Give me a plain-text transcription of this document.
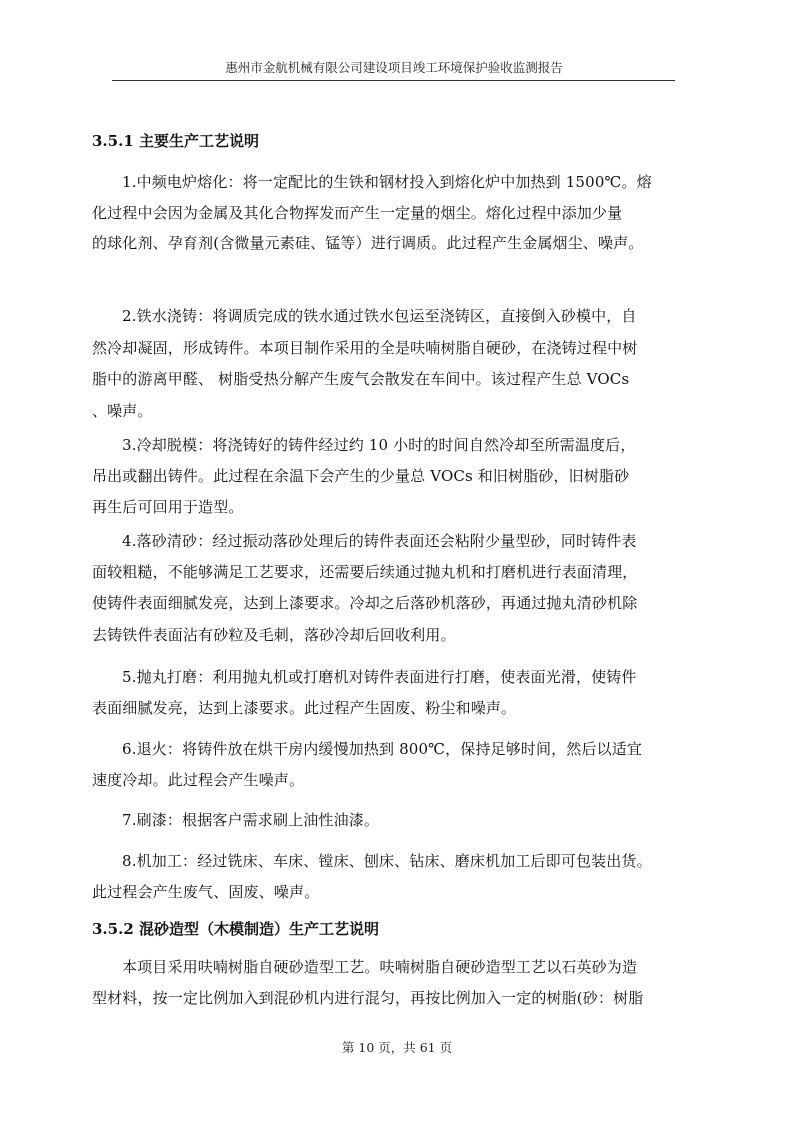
惠州市金航机械有限公司建设项目竣工环境保护验收监测报告
3.5.1 主要生产工艺说明
1.中频电炉熔化：将一定配比的生铁和钢材投入到熔化炉中加热到 1500℃。熔
化过程中会因为金属及其化合物挥发而产生一定量的烟尘。熔化过程中添加少量
的球化剂、孕育剂(含微量元素硅、锰等）进行调质。此过程产生金属烟尘、噪声。
2.铁水浇铸：将调质完成的铁水通过铁水包运至浇铸区，直接倒入砂模中，自
然冷却凝固，形成铸件。本项目制作采用的全是呋喃树脂自硬砂，在浇铸过程中树
脂中的游离甲醛、 树脂受热分解产生废气会散发在车间中。该过程产生总 VOCs
、噪声。
3.冷却脱模：将浇铸好的铸件经过约 10 小时的时间自然冷却至所需温度后，
吊出或翻出铸件。此过程在余温下会产生的少量总 VOCs 和旧树脂砂，旧树脂砂
再生后可回用于造型。
4.落砂清砂：经过振动落砂处理后的铸件表面还会粘附少量型砂，同时铸件表
面较粗糙，不能够满足工艺要求，还需要后续通过抛丸机和打磨机进行表面清理，
使铸件表面细腻发亮，达到上漆要求。冷却之后落砂机落砂，再通过抛丸清砂机除
去铸铁件表面沾有砂粒及毛刺，落砂冷却后回收利用。
5.抛丸打磨：利用抛丸机或打磨机对铸件表面进行打磨，使表面光滑，使铸件
表面细腻发亮，达到上漆要求。此过程产生固废、粉尘和噪声。
6.退火：将铸件放在烘干房内缓慢加热到 800℃，保持足够时间，然后以适宜
速度冷却。此过程会产生噪声。
7.刷漆：根据客户需求刷上油性油漆。
8.机加工：经过铣床、车床、镗床、刨床、钻床、磨床机加工后即可包装出货。
此过程会产生废气、固废、噪声。
3.5.2 混砂造型（木模制造）生产工艺说明
本项目采用呋喃树脂自硬砂造型工艺。呋喃树脂自硬砂造型工艺以石英砂为造
型材料，按一定比例加入到混砂机内进行混匀，再按比例加入一定的树脂(砂：树脂
第 10 页，共 61 页
